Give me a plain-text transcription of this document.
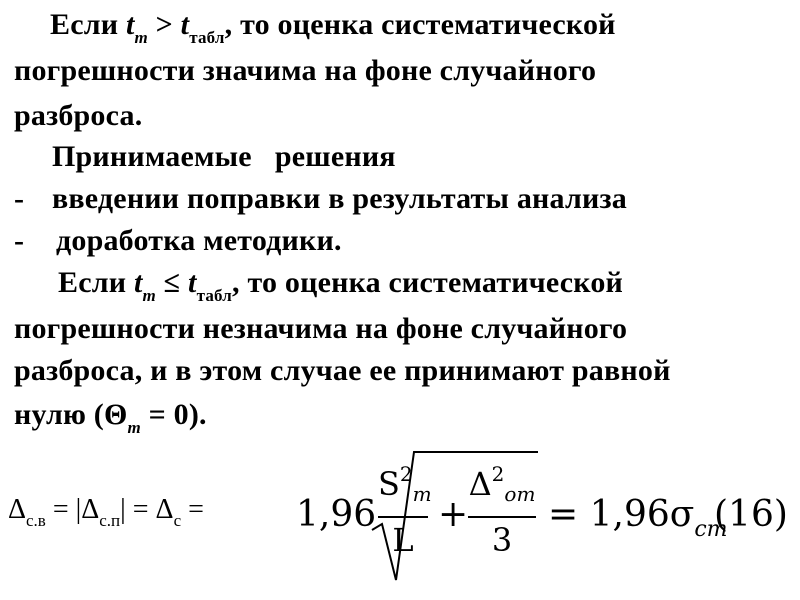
Если $t_m > t_{табл}$, то оценка систематической
погрешности значима на фоне случайного
разброса.
Принимаемые   решения
- введении поправки в результаты анализа
- доработка методики.
Если $t_m \le t_{табл}$, то оценка систематической
погрешности незначима на фоне случайного
разброса, и в этом случае ее принимают равной
нулю $(\Theta_m = 0)$.
$\Delta_{с.в} = |\Delta_{с.п}| = \Delta_с$ =	1,96
$S^2_m$
L
+
$\Delta^2_{om}$
3
= $1,96\sigma_{cm}$
(16)
